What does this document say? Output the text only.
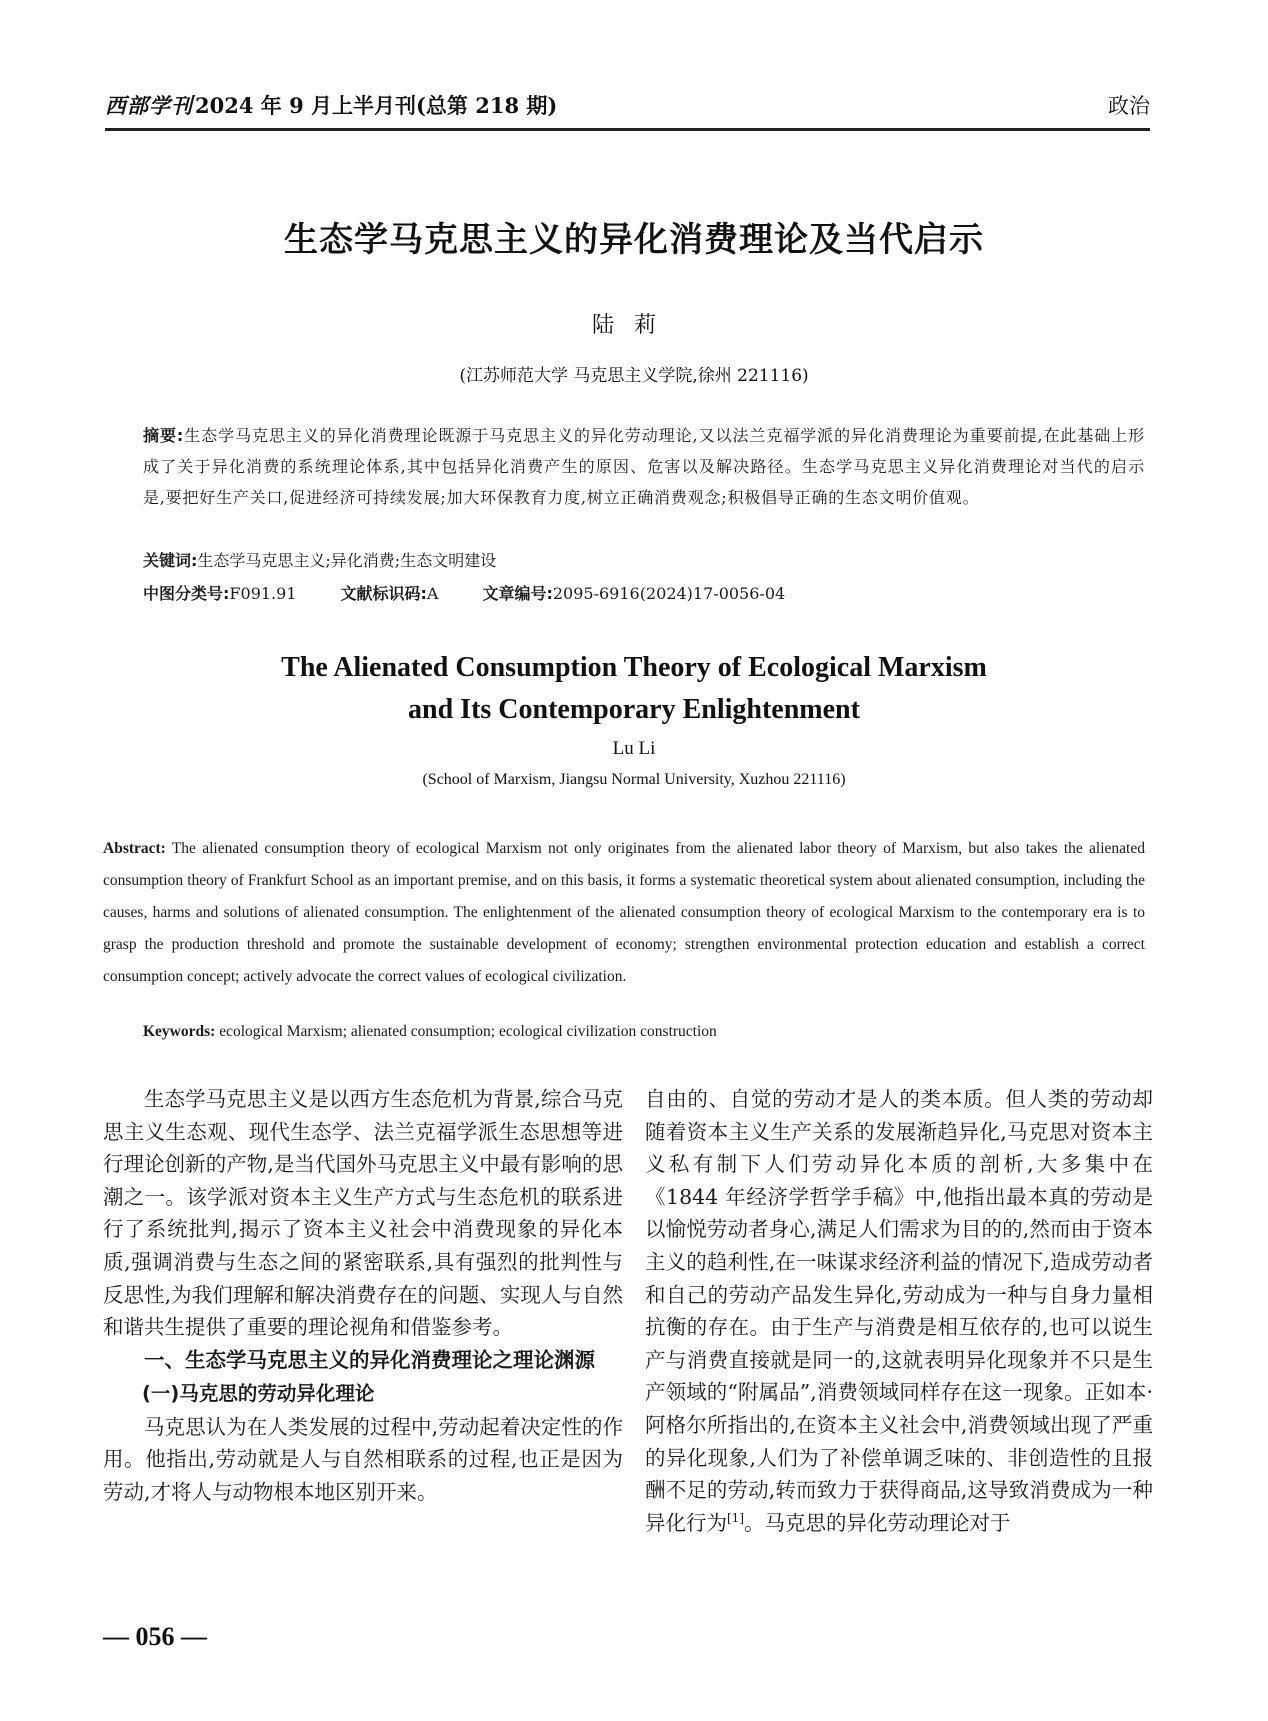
西部学刊2024 年 9 月上半月刊(总第 218 期)	政治
生态学马克思主义的异化消费理论及当代启示
陆莉
(江苏师范大学 马克思主义学院,徐州 221116)
摘要:生态学马克思主义的异化消费理论既源于马克思主义的异化劳动理论,又以法兰克福学派的异化消费理论为重要前提,在此基础上形成了关于异化消费的系统理论体系,其中包括异化消费产生的原因、危害以及解决路径。生态学马克思主义异化消费理论对当代的启示是,要把好生产关口,促进经济可持续发展;加大环保教育力度,树立正确消费观念;积极倡导正确的生态文明价值观。
关键词:生态学马克思主义;异化消费;生态文明建设
中图分类号:F091.91	文献标识码:A	文章编号:2095-6916(2024)17-0056-04
The Alienated Consumption Theory of Ecological Marxism
and Its Contemporary Enlightenment
Lu Li
(School of Marxism, Jiangsu Normal University, Xuzhou 221116)
Abstract: The alienated consumption theory of ecological Marxism not only originates from the alienated labor theory of Marxism, but also takes the alienated consumption theory of Frankfurt School as an important premise, and on this basis, it forms a systematic theoretical system about alienated consumption, including the causes, harms and solutions of alienated consumption. The enlightenment of the alienated consumption theory of ecological Marxism to the contemporary era is to grasp the production threshold and promote the sustainable development of economy; strengthen environmental protection education and establish a correct consumption concept; actively advocate the correct values of ecological civilization.
Keywords: ecological Marxism; alienated consumption; ecological civilization construction

生态学马克思主义是以西方生态危机为背景,综合马克思主义生态观、现代生态学、法兰克福学派生态思想等进行理论创新的产物,是当代国外马克思主义中最有影响的思潮之一。该学派对资本主义生产方式与生态危机的联系进行了系统批判,揭示了资本主义社会中消费现象的异化本质,强调消费与生态之间的紧密联系,具有强烈的批判性与反思性,为我们理解和解决消费存在的问题、实现人与自然和谐共生提供了重要的理论视角和借鉴参考。

一、生态学马克思主义的异化消费理论之理论渊源

(一)马克思的劳动异化理论

马克思认为在人类发展的过程中,劳动起着决定性的作用。他指出,劳动就是人与自然相联系的过程,也正是因为劳动,才将人与动物根本地区别开来。

自由的、自觉的劳动才是人的类本质。但人类的劳动却随着资本主义生产关系的发展渐趋异化,马克思对资本主义私有制下人们劳动异化本质的剖析,大多集中在《1844 年经济学哲学手稿》中,他指出最本真的劳动是以愉悦劳动者身心,满足人们需求为目的的,然而由于资本主义的趋利性,在一味谋求经济利益的情况下,造成劳动者和自己的劳动产品发生异化,劳动成为一种与自身力量相抗衡的存在。由于生产与消费是相互依存的,也可以说生产与消费直接就是同一的,这就表明异化现象并不只是生产领域的“附属品”,消费领域同样存在这一现象。正如本·阿格尔所指出的,在资本主义社会中,消费领域出现了严重的异化现象,人们为了补偿单调乏味的、非创造性的且报酬不足的劳动,转而致力于获得商品,这导致消费成为一种异化行为[1]。马克思的异化劳动理论对于

— 056 —
